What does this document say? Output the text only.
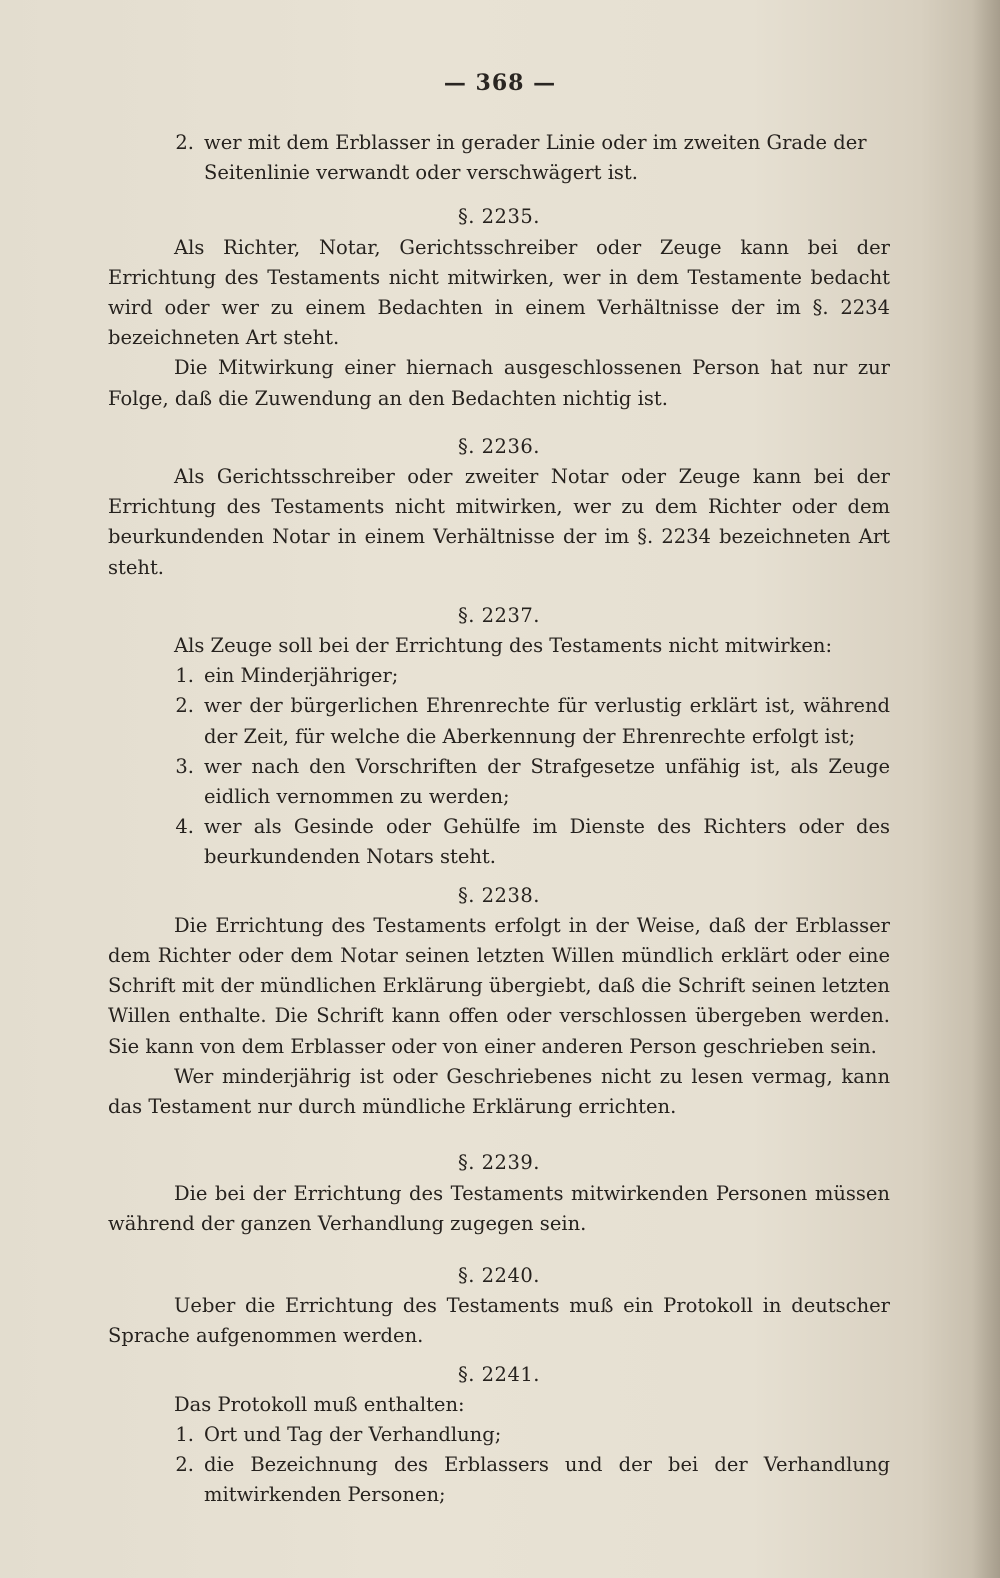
— 368 —
2. wer mit dem Erblasser in gerader Linie oder im zweiten Grade der
Seitenlinie verwandt oder verschwägert ist.
§. 2235.

Als Richter, Notar, Gerichtsschreiber oder Zeuge kann bei der Errichtung des Testaments nicht mitwirken, wer in dem Testamente bedacht wird oder wer zu einem Bedachten in einem Verhältnisse der im §. 2234 bezeichneten Art steht.

Die Mitwirkung einer hiernach ausgeschlossenen Person hat nur zur Folge, daß die Zuwendung an den Bedachten nichtig ist.

§. 2236.

Als Gerichtsschreiber oder zweiter Notar oder Zeuge kann bei der Errichtung des Testaments nicht mitwirken, wer zu dem Richter oder dem beurkundenden Notar in einem Verhältnisse der im §. 2234 bezeichneten Art steht.

§. 2237.

Als Zeuge soll bei der Errichtung des Testaments nicht mitwirken:

1. ein Minderjähriger;
2. wer der bürgerlichen Ehrenrechte für verlustig erklärt ist, während der Zeit, für welche die Aberkennung der Ehrenrechte erfolgt ist;
3. wer nach den Vorschriften der Strafgesetze unfähig ist, als Zeuge eidlich vernommen zu werden;
4. wer als Gesinde oder Gehülfe im Dienste des Richters oder des beurkundenden Notars steht.
§. 2238.

Die Errichtung des Testaments erfolgt in der Weise, daß der Erblasser dem Richter oder dem Notar seinen letzten Willen mündlich erklärt oder eine Schrift mit der mündlichen Erklärung übergiebt, daß die Schrift seinen letzten Willen enthalte. Die Schrift kann offen oder verschlossen übergeben werden. Sie kann von dem Erblasser oder von einer anderen Person geschrieben sein.

Wer minderjährig ist oder Geschriebenes nicht zu lesen vermag, kann das Testament nur durch mündliche Erklärung errichten.

§. 2239.

Die bei der Errichtung des Testaments mitwirkenden Personen müssen während der ganzen Verhandlung zugegen sein.

§. 2240.

Ueber die Errichtung des Testaments muß ein Protokoll in deutscher Sprache aufgenommen werden.

§. 2241.

Das Protokoll muß enthalten:

1. Ort und Tag der Verhandlung;
2. die Bezeichnung des Erblassers und der bei der Verhandlung mitwirkenden Personen;
